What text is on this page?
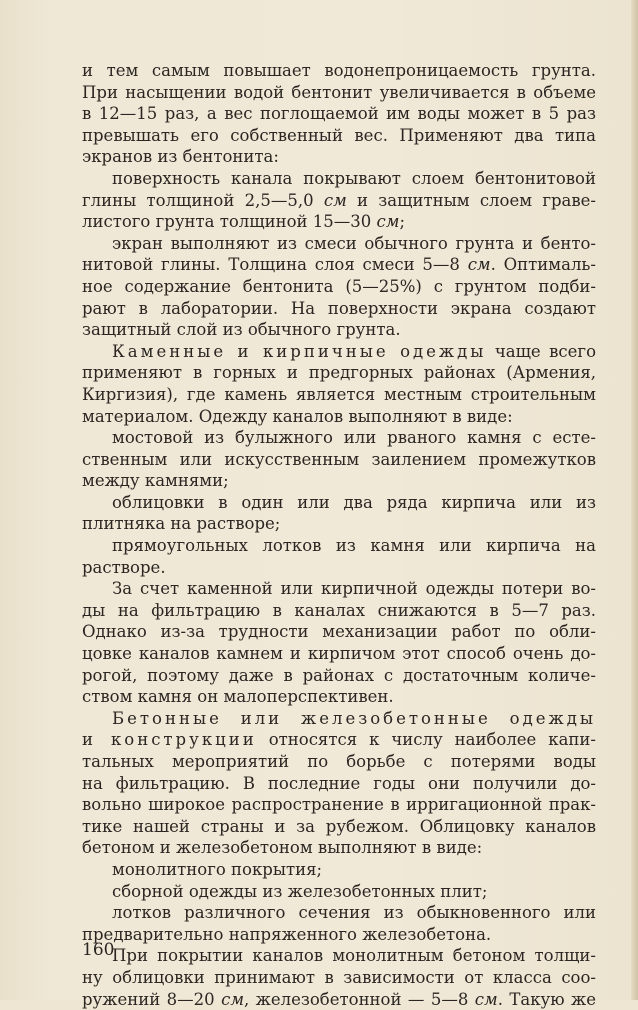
и тем самым повышает водонепроницаемость грунта.

При насыщении водой бентонит увеличивается в объеме

в 12—15 раз, а вес поглощаемой им воды может в 5 раз

превышать его собственный вес. Применяют два типа

экранов из бентонита:

поверхность канала покрывают слоем бентонитовой

глины толщиной 2,5—5,0 см и защитным слоем граве-

листого грунта толщиной 15—30 см;

экран выполняют из смеси обычного грунта и бенто-

нитовой глины. Толщина слоя смеси 5—8 см. Оптималь-

ное содержание бентонита (5—25%) с грунтом подби-

рают в лаборатории. На поверхности экрана создают

защитный слой из обычного грунта.

Каменные и кирпичные одежды чаще всего

применяют в горных и предгорных районах (Армения,

Киргизия), где камень является местным строительным

материалом. Одежду каналов выполняют в виде:

мостовой из булыжного или рваного камня с есте-

ственным или искусственным заилением промежутков

между камнями;

облицовки в один или два ряда кирпича или из

плитняка на растворе;

прямоугольных лотков из камня или кирпича на

растворе.

За счет каменной или кирпичной одежды потери во-

ды на фильтрацию в каналах снижаются в 5—7 раз.

Однако из-за трудности механизации работ по обли-

цовке каналов камнем и кирпичом этот способ очень до-

рогой, поэтому даже в районах с достаточным количе-

ством камня он малоперспективен.

Бетонные или железобетонные одежды

и конструкции относятся к числу наиболее капи-

тальных мероприятий по борьбе с потерями воды

на фильтрацию. В последние годы они получили до-

вольно широкое распространение в ирригационной прак-

тике нашей страны и за рубежом. Облицовку каналов

бетоном и железобетоном выполняют в виде:

монолитного покрытия;

сборной одежды из железобетонных плит;

лотков различного сечения из обыкновенного или

предварительно напряженного железобетона.

При покрытии каналов монолитным бетоном толщи-

ну облицовки принимают в зависимости от класса соо-

ружений 8—20 см, железобетонной — 5—8 см. Такую же

160
